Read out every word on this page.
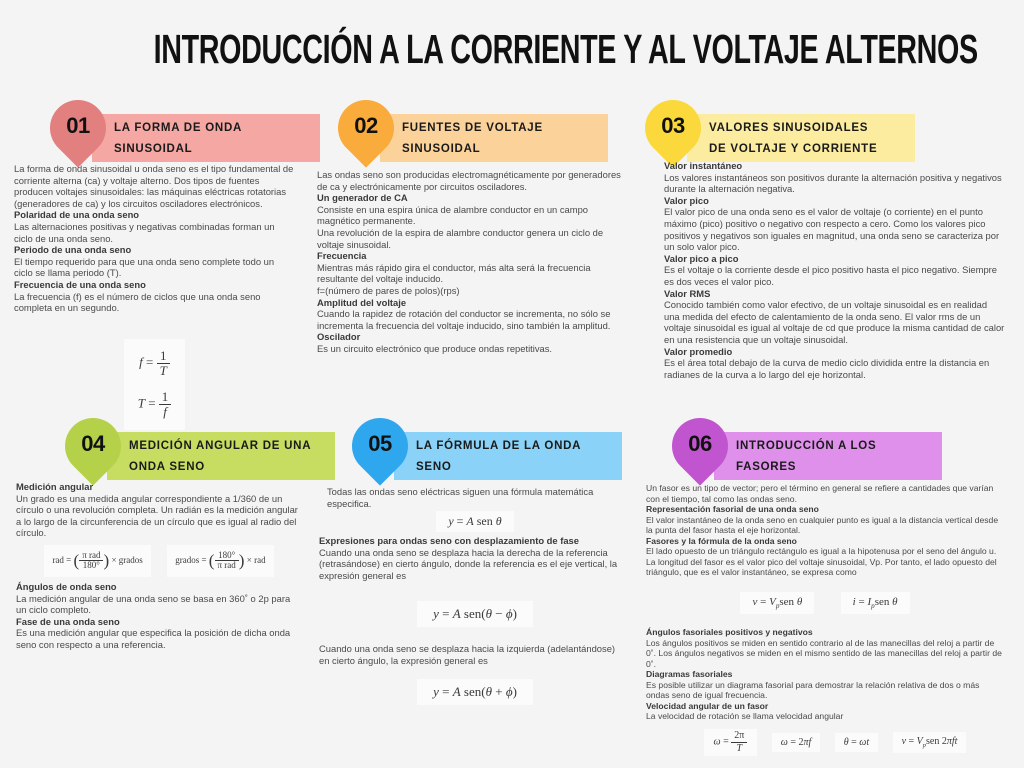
INTRODUCCIÓN A LA CORRIENTE Y AL VOLTAJE ALTERNOS
LA FORMA DE ONDA
SINUSOIDAL
01

La forma de onda sinusoidal u onda seno es el tipo fundamental de corriente alterna (ca) y voltaje alterno. Dos tipos de fuentes producen voltajes sinusoidales: las máquinas eléctricas rotatorias (generadores de ca) y los circuitos osciladores electrónicos.

Polaridad de una onda seno

Las alternaciones positivas y negativas combinadas forman un ciclo de una onda seno.

Periodo de una onda seno

El tiempo requerido para que una onda seno complete todo un ciclo se llama periodo (T).

Frecuencia de una onda seno

La frecuencia (f) es el número de ciclos que una onda seno completa en un segundo.

$f = \frac{1}{T}$
$T = \frac{1}{f}$
FUENTES DE VOLTAJE
SINUSOIDAL
02

Las ondas seno son producidas electromagnéticamente por generadores de ca y electrónicamente por circuitos osciladores.

Un generador de CA

Consiste en una espira única de alambre conductor en un campo magnético permanente.

Una revolución de la espira de alambre conductor genera un ciclo de voltaje sinusoidal.

Frecuencia

Mientras más rápido gira el conductor, más alta será la frecuencia resultante del voltaje inducido.

f=(número de pares de polos)(rps)

Amplitud del voltaje

Cuando la rapidez de rotación del conductor se incrementa, no sólo se incrementa la frecuencia del voltaje inducido, sino también la amplitud.

Oscilador

Es un circuito electrónico que produce ondas repetitivas.

VALORES SINUSOIDALES
DE VOLTAJE Y CORRIENTE
03

Valor instantáneo

Los valores instantáneos son positivos durante la alternación positiva y negativos durante la alternación negativa.

Valor pico

El valor pico de una onda seno es el valor de voltaje (o corriente) en el punto máximo (pico) positivo o negativo con respecto a cero. Como los valores pico positivos y negativos son iguales en magnitud, una onda seno se caracteriza por un solo valor pico.

Valor pico a pico

Es el voltaje o la corriente desde el pico positivo hasta el pico negativo. Siempre es dos veces el valor pico.

Valor RMS

Conocido también como valor efectivo, de un voltaje sinusoidal es en realidad una medida del efecto de calentamiento de la onda seno. El valor rms de un voltaje sinusoidal es igual al voltaje de cd que produce la misma cantidad de calor en una resistencia que un voltaje sinusoidal.

Valor promedio

Es el área total debajo de la curva de medio ciclo dividida entre la distancia en radianes de la curva a lo largo del eje horizontal.

MEDICIÓN ANGULAR DE UNA
ONDA SENO
04

Medición angular

Un grado es una medida angular correspondiente a 1/360 de un círculo o una revolución completa. Un radián es la medición angular a lo largo de la circunferencia de un círculo que es igual al radio del círculo.

rad = ( $\frac{\text{π rad}}{180^\circ}$ ) × grados	grados = ( $\frac{180^\circ}{\text{π rad}}$ ) × rad

Ángulos de onda seno

La medición angular de una onda seno se basa en 360˚ o 2p para un ciclo completo.

Fase de una onda seno

Es una medición angular que especifica la posición de dicha onda seno con respecto a una referencia.

LA FÓRMULA DE LA ONDA
SENO
05

Todas las ondas seno eléctricas siguen una fórmula matemática especifica.

y = A sen θ

Expresiones para ondas seno con desplazamiento de fase

Cuando una onda seno se desplaza hacia la derecha de la referencia (retrasándose) en cierto ángulo, donde la referencia es el eje vertical, la expresión general es

y = A sen(θ − ϕ)

Cuando una onda seno se desplaza hacia la izquierda (adelantándose) en cierto ángulo, la expresión general es

y = A sen(θ + ϕ)
INTRODUCCIÓN A LOS
FASORES
06

Un fasor es un tipo de vector; pero el término en general se refiere a cantidades que varían con el tiempo, tal como las ondas seno.

Representación fasorial de una onda seno

El valor instantáneo de la onda seno en cualquier punto es igual a la distancia vertical desde la punta del fasor hasta el eje horizontal.

Fasores y la fórmula de la onda seno

El lado opuesto de un triángulo rectángulo es igual a la hipotenusa por el seno del ángulo u.

La longitud del fasor es el valor pico del voltaje sinusoidal, Vp. Por tanto, el lado opuesto del triángulo, que es el valor instantáneo, se expresa como

$v = V_psen$ θ	$i = I_psen$ θ

Ángulos fasoriales positivos y negativos

Los ángulos positivos se miden en sentido contrario al de las manecillas del reloj a partir de 0˚. Los ángulos negativos se miden en el mismo sentido de las manecillas del reloj a partir de 0˚.

Diagramas fasoriales

Es posible utilizar un diagrama fasorial para demostrar la relación relativa de dos o más ondas seno de igual frecuencia.

Velocidad angular de un fasor

La velocidad de rotación se llama velocidad angular

$\omega = \frac{2\pi}{T}$	ω = 2πf	θ = ωt	$v = V_psen$ 2πft
